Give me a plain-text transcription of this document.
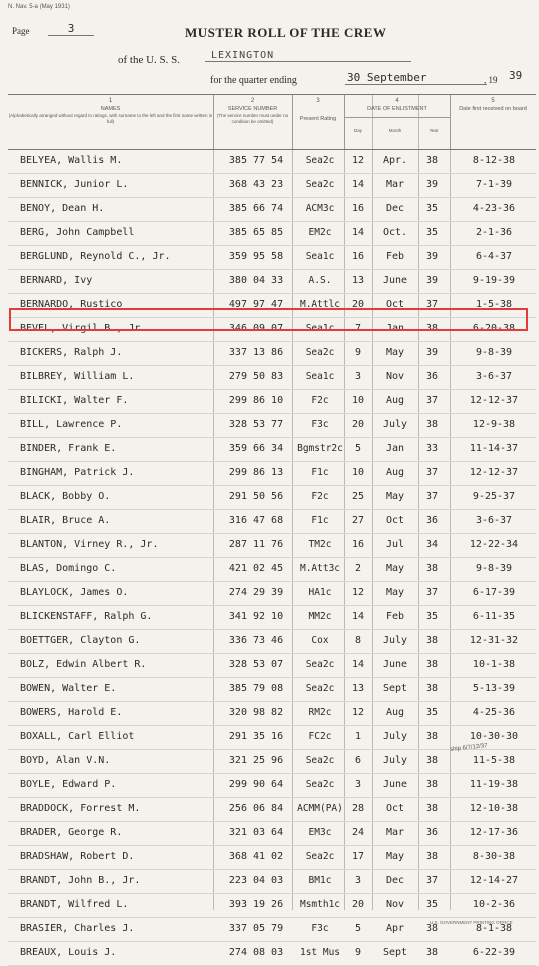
N. Nav. 5-a (May 1931)
Page	3	MUSTER ROLL OF THE CREW
of the U. S. S.	LEXINGTON
for the quarter ending	30 September	, 19 39
1
NAMES
(Alphabetically arranged without regard to ratings, with surname to the left and the first name written in full)
2
SERVICE NUMBER
(The service number must under no condition be omitted)
3
Present Rating
4
DATE OF ENLISTMENT
Day	Month	Year
5
Date first received on board
BELYEA, Wallis M.	385 77 54	Sea2c	12	Apr.	38	8-12-38
BENNICK, Junior L.	368 43 23	Sea2c	14	Mar	39	7-1-39
BENOY, Dean H.	385 66 74	ACM3c	16	Dec	35	4-23-36
BERG, John Campbell	385 65 85	EM2c	14	Oct.	35	2-1-36
BERGLUND, Reynold C., Jr.	359 95 58	Sea1c	16	Feb	39	6-4-37
BERNARD, Ivy	380 04 33	A.S.	13	June	39	9-19-39
BERNARDO, Rustico	497 97 47	M.Attlc	20	Oct	37	1-5-38
BEVEL, Virgil B., Jr.	346 09 07	Sea1c	7	Jan	38	6-20-38
BICKERS, Ralph J.	337 13 86	Sea2c	9	May	39	9-8-39
BILBREY, William L.	279 50 83	Sea1c	3	Nov	36	3-6-37
BILICKI, Walter F.	299 86 10	F2c	10	Aug	37	12-12-37
BILL, Lawrence P.	328 53 77	F3c	20	July	38	12-9-38
BINDER, Frank E.	359 66 34	Bgmstr2c	5	Jan	33	11-14-37
BINGHAM, Patrick J.	299 86 13	F1c	10	Aug	37	12-12-37
BLACK, Bobby O.	291 50 56	F2c	25	May	37	9-25-37
BLAIR, Bruce A.	316 47 68	F1c	27	Oct	36	3-6-37
BLANTON, Virney R., Jr.	287 11 76	TM2c	16	Jul	34	12-22-34
BLAS, Domingo C.	421 02 45	M.Att3c	2	May	38	9-8-39
BLAYLOCK, James O.	274 29 39	HA1c	12	May	37	6-17-39
BLICKENSTAFF, Ralph G.	341 92 10	MM2c	14	Feb	35	6-11-35
BOETTGER, Clayton G.	336 73 46	Cox	8	July	38	12-31-32
BOLZ, Edwin Albert R.	328 53 07	Sea2c	14	June	38	10-1-38
BOWEN, Walter E.	385 79 08	Sea2c	13	Sept	38	5-13-39
BOWERS, Harold E.	320 98 82	RM2c	12	Aug	35	4-25-36
BOXALL, Carl Elliot	291 35 16	FC2c	1	July	38	10-30-30
BOYD, Alan V.N.	321 25 96	Sea2c	6	July	38	11-5-38
BOYLE, Edward P.	299 90 64	Sea2c	3	June	38	11-19-38
BRADDOCK, Forrest M.	256 06 84	ACMM(PA) 28	Oct	38	12-10-38
BRADER, George R.	321 03 64	EM3c	24	Mar	36	12-17-36
BRADSHAW, Robert D.	368 41 02	Sea2c	17	May	38	8-30-38
BRANDT, John B., Jr.	223 04 03	BM1c	3	Dec	37	12-14-27
BRANDT, Wilfred L.	393 19 26	Msmth1c	20	Nov	35	10-2-36
BRASIER, Charles J.	337 05 79	F3c	5	Apr	38	8-1-38
BREAUX, Louis J.	274 08 03	1st Mus	9	Sept	38	6-22-39
ship 6/7/12/37
U.S. GOVERNMENT PRINTING OFFICE
